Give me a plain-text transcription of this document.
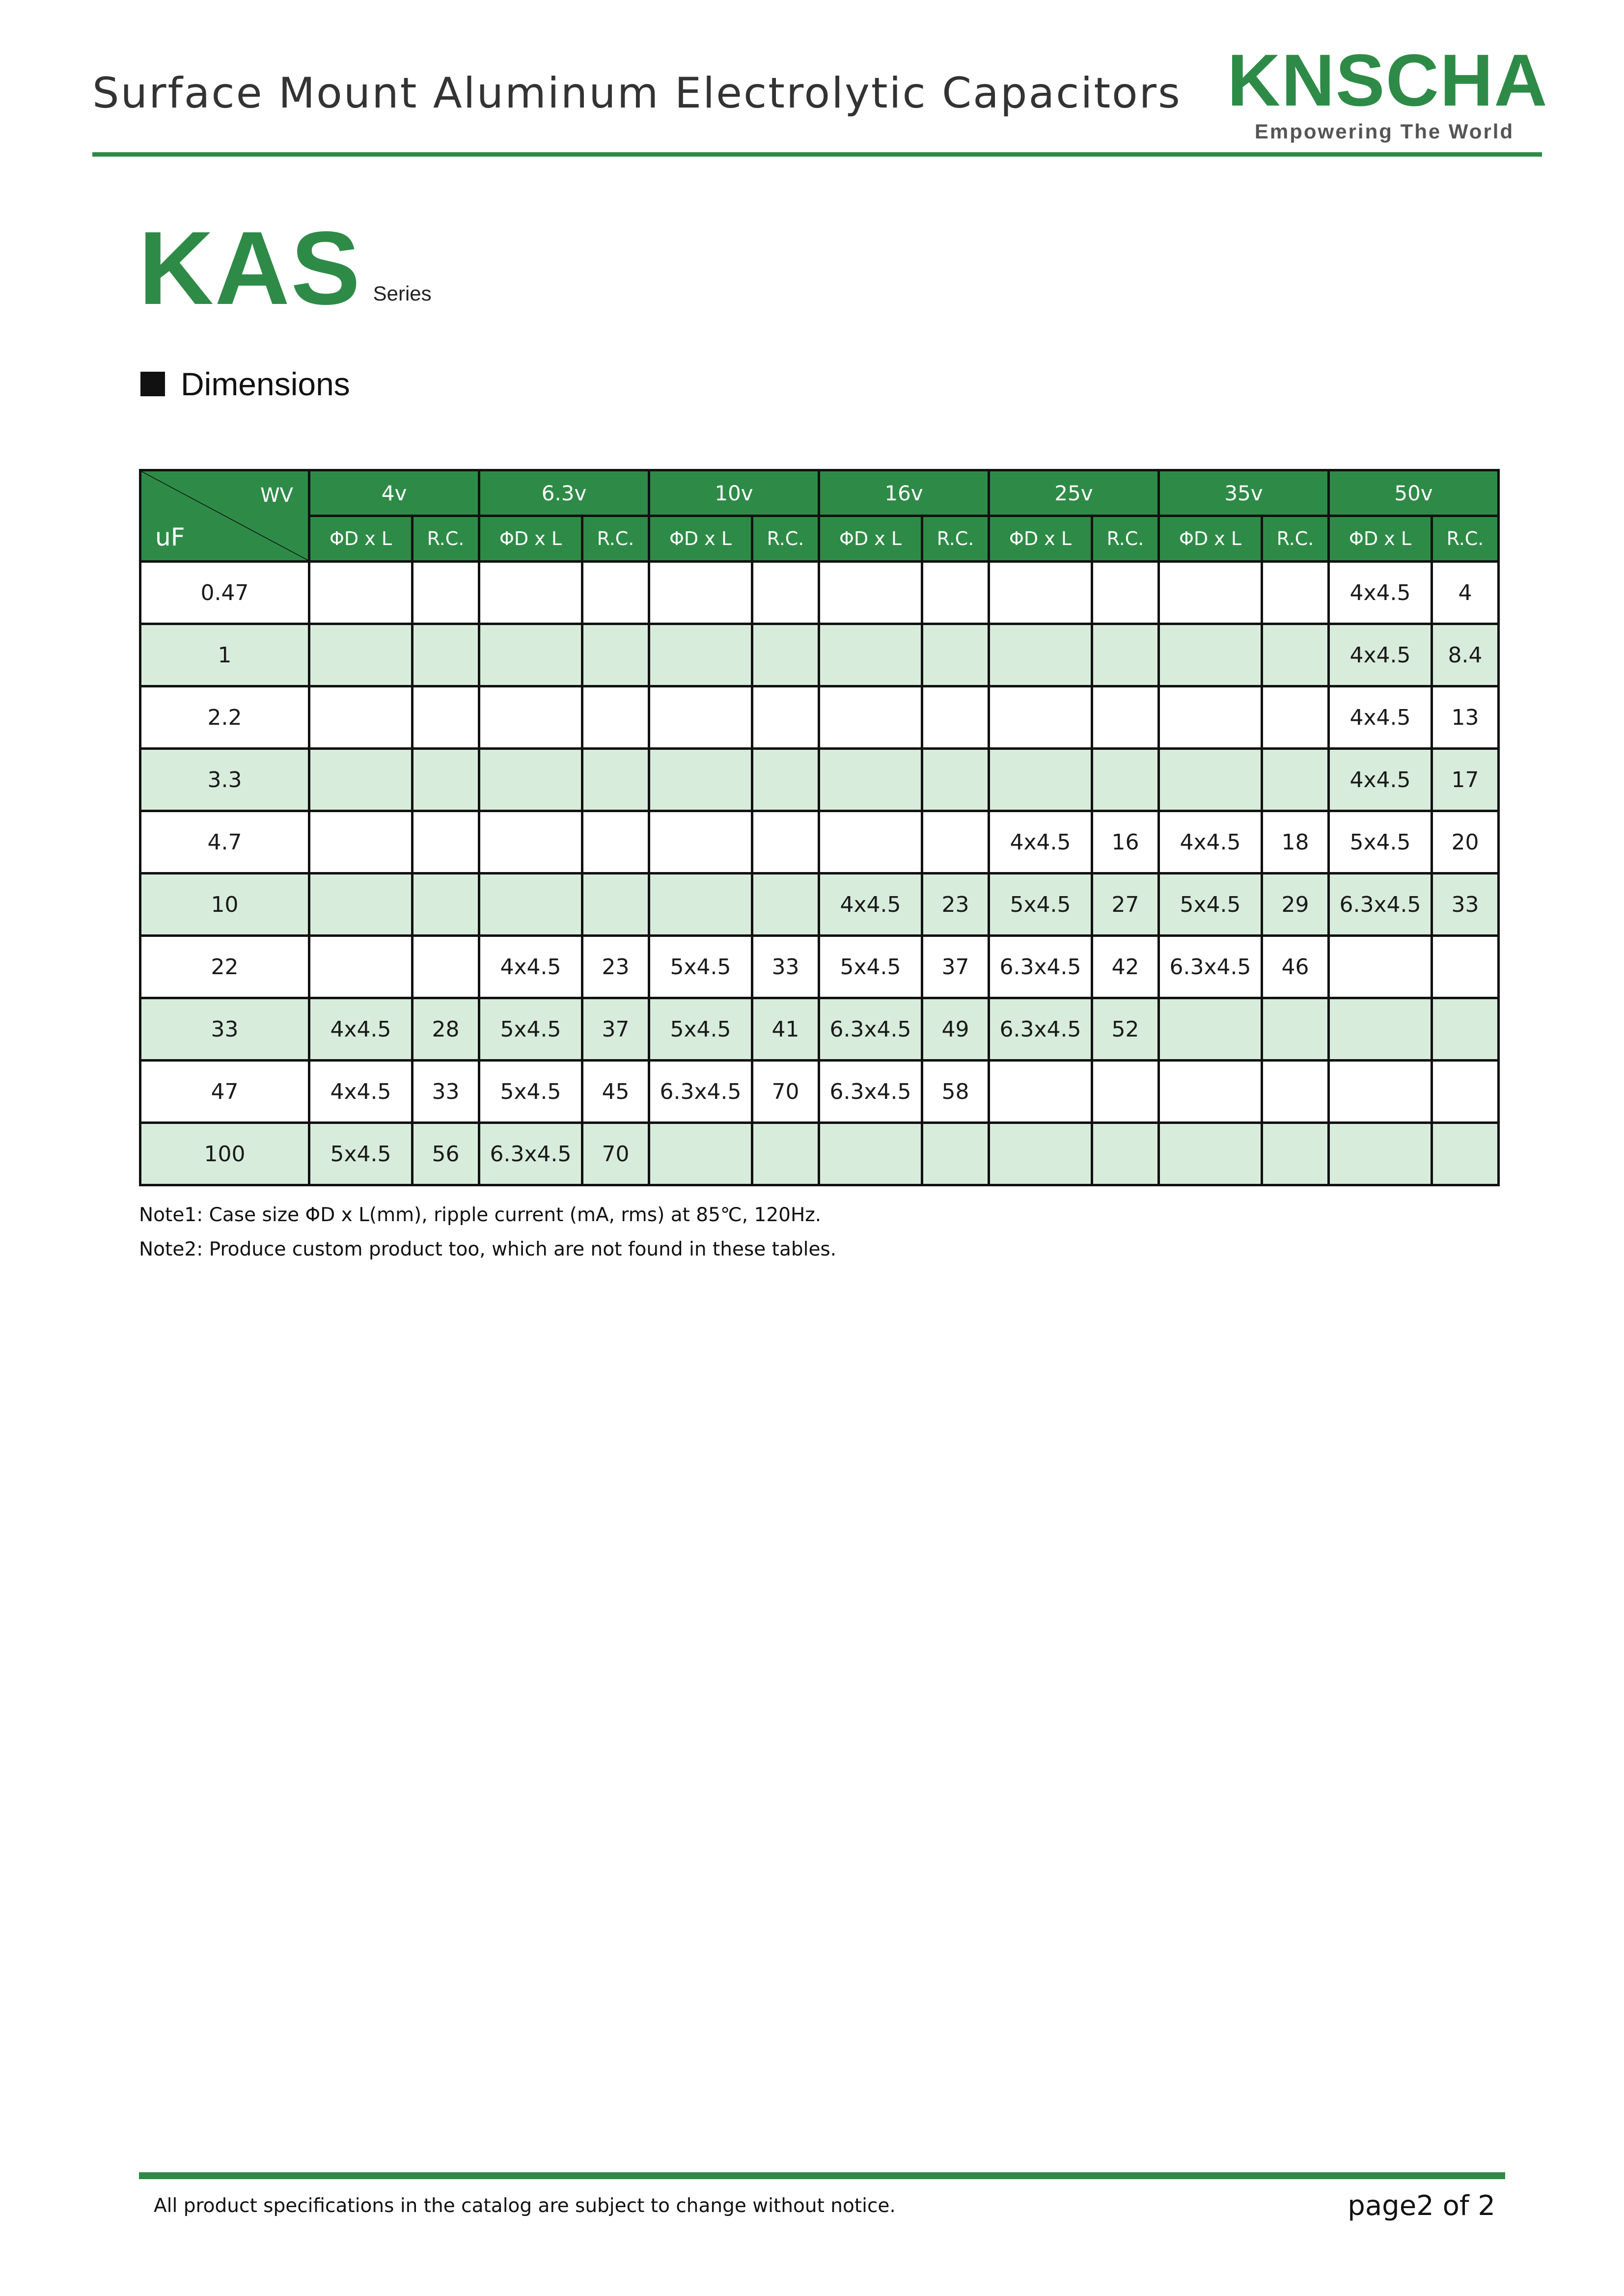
Surface Mount Aluminum Electrolytic Capacitors KNSCHA
Empowering The World
KAS Series
Dimensions
WV
uF	4v		6.3v		10v		16v		25v		35v		50v	
	ΦD x L	R.C.	ΦD x L	R.C.	ΦD x L	R.C.	ΦD x L	R.C.	ΦD x L	R.C.	ΦD x L	R.C.	ΦD x L	R.C.
0.47													4x4.5	4
1													4x4.5	8.4
2.2													4x4.5	13
3.3													4x4.5	17
4.7									4x4.5	16	4x4.5	18	5x4.5	20
10							4x4.5	23	5x4.5	27	5x4.5	29	6.3x4.5	33
22			4x4.5	23	5x4.5	33	5x4.5	37	6.3x4.5	42	6.3x4.5	46		
33	4x4.5	28	5x4.5	37	5x4.5	41	6.3x4.5	49	6.3x4.5	52				
47	4x4.5	33	5x4.5	45	6.3x4.5	70	6.3x4.5	58						
100	5x4.5	56	6.3x4.5	70										
Note1: Case size ΦD x L(mm), ripple current (mA, rms) at 85℃, 120Hz.
Note2: Produce custom product too, which are not found in these tables.
All product specifications in the catalog are subject to change without notice.	page2 of 2
